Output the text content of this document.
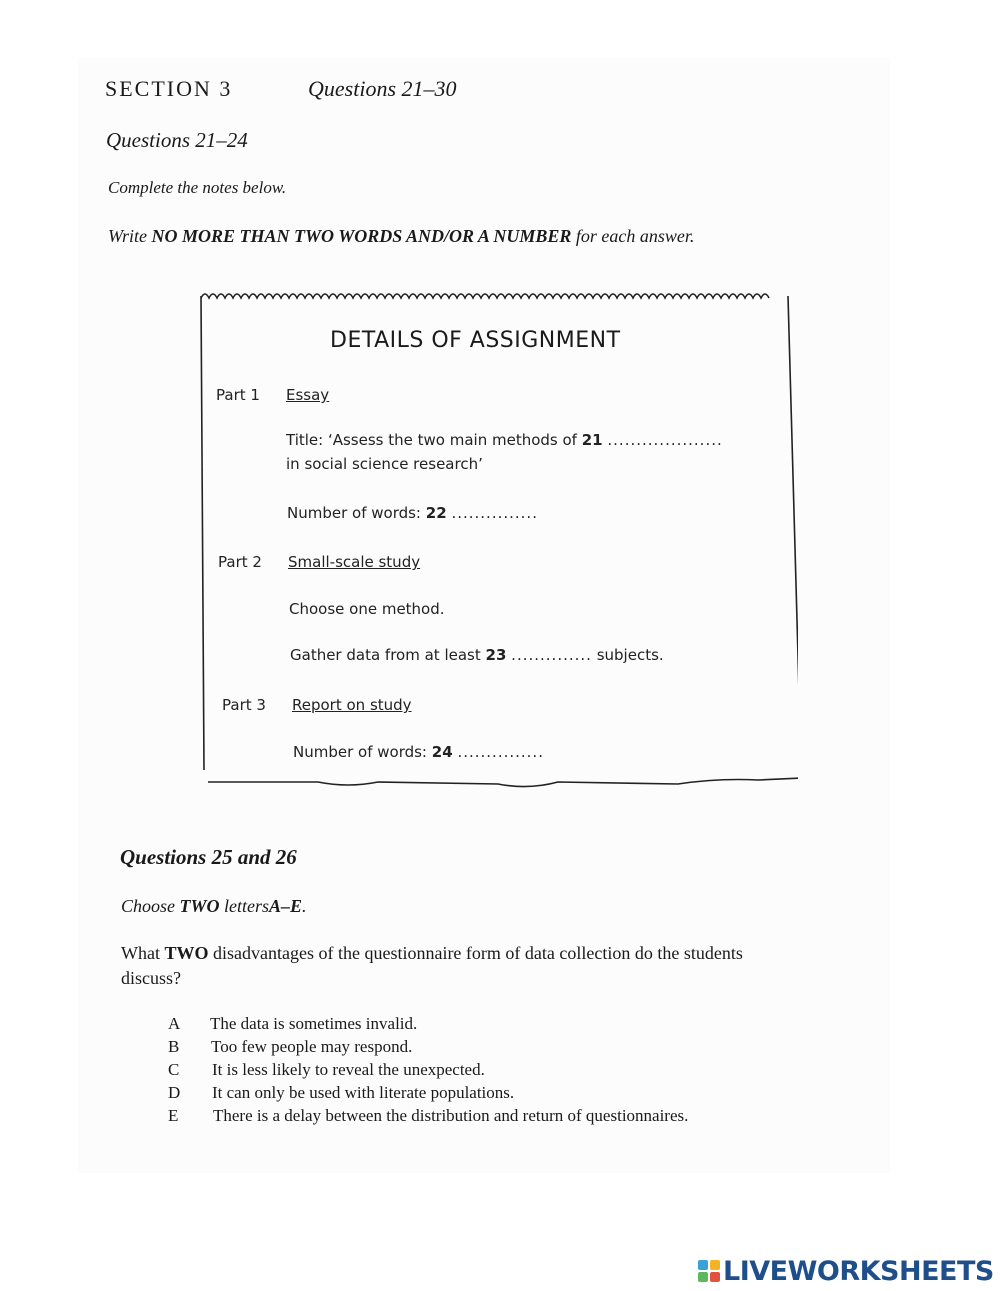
SECTION 3	Questions 21–30
Questions 21–24
Complete the notes below.
Write NO MORE THAN TWO WORDS AND/OR A NUMBER for each answer.
DETAILS OF ASSIGNMENT
Part 1 Essay
Title: ‘Assess the two main methods of 21 ....................
in social science research’
Number of words: 22 ...............
Part 2 Small-scale study
Choose one method.
Gather data from at least 23 .............. subjects.
Part 3 Report on study
Number of words: 24 ...............
Questions 25 and 26
Choose TWO lettersA–E.
What TWO disadvantages of the questionnaire form of data collection do the students
discuss?
A	The data is sometimes invalid.
B	Too few people may respond.
C	It is less likely to reveal the unexpected.
D	It can only be used with literate populations.
E	There is a delay between the distribution and return of questionnaires.
LIVEWORKSHEETS
